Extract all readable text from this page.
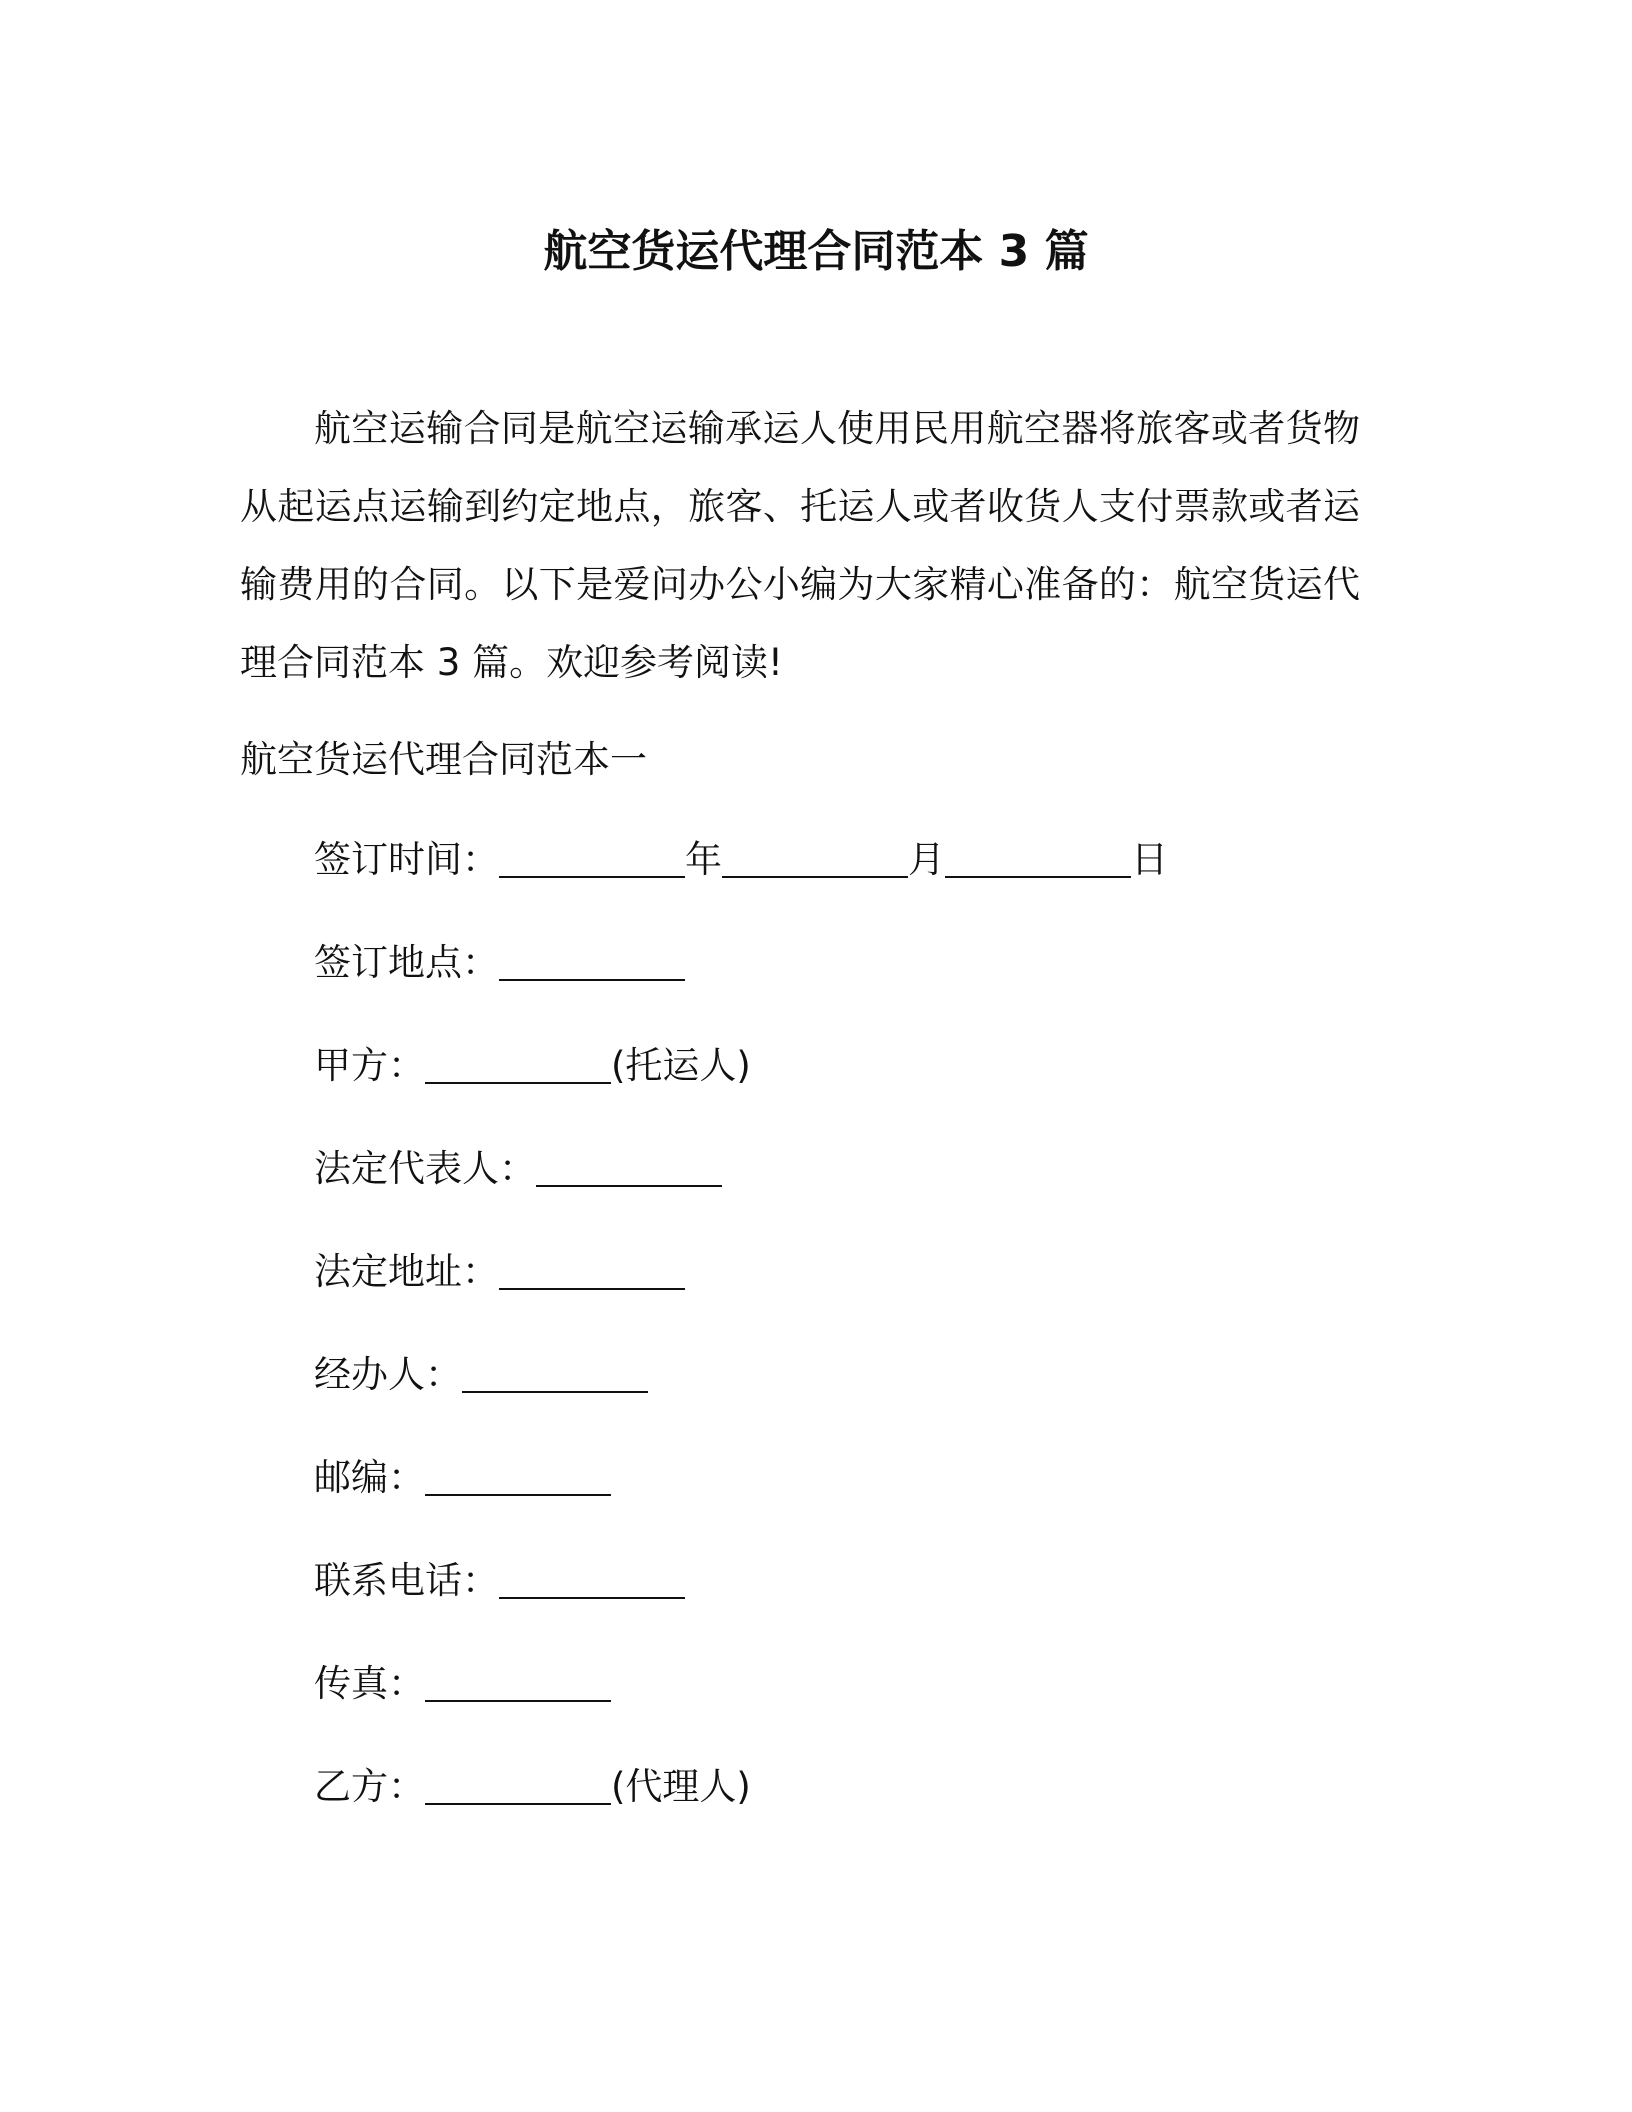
航空货运代理合同范本 3 篇

航空运输合同是航空运输承运人使用民用航空器将旅客或者货物从起运点运输到约定地点，旅客、托运人或者收货人支付票款或者运输费用的合同。以下是爱问办公小编为大家精心准备的：航空货运代理合同范本 3 篇。欢迎参考阅读!

航空货运代理合同范本一

签订时间：	年	月	日

签订地点：

甲方：	(托运人)

法定代表人：

法定地址：

经办人：

邮编：

联系电话：

传真：

乙方：	(代理人)
